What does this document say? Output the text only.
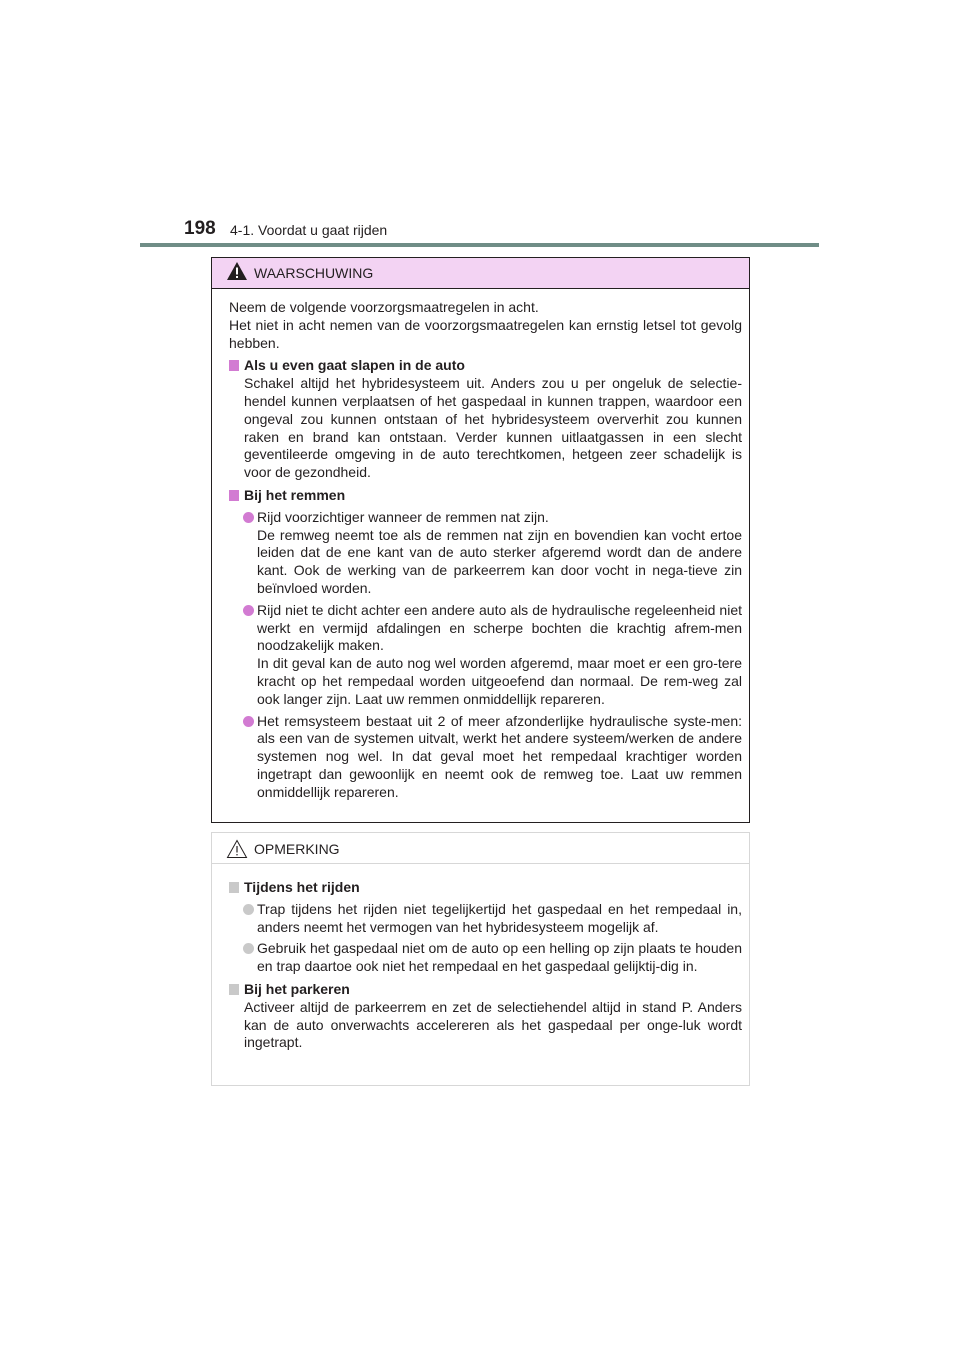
198 4-1. Voordat u gaat rijden
WAARSCHUWING

Neem de volgende voorzorgsmaatregelen in acht.

Het niet in acht nemen van de voorzorgsmaatregelen kan ernstig letsel tot gevolg hebben.

Als u even gaat slapen in de auto

Schakel altijd het hybridesysteem uit. Anders zou u per ongeluk de selectie-hendel kunnen verplaatsen of het gaspedaal in kunnen trappen, waardoor een ongeval zou kunnen ontstaan of het hybridesysteem oververhit zou kunnen raken en brand kan ontstaan. Verder kunnen uitlaatgassen in een slecht geventileerde omgeving in de auto terechtkomen, hetgeen zeer schadelijk is voor de gezondheid.

Bij het remmen

Rijd voorzichtiger wanneer de remmen nat zijn.

De remweg neemt toe als de remmen nat zijn en bovendien kan vocht ertoe leiden dat de ene kant van de auto sterker afgeremd wordt dan de andere kant. Ook de werking van de parkeerrem kan door vocht in nega-tieve zin beïnvloed worden.

Rijd niet te dicht achter een andere auto als de hydraulische regeleenheid niet werkt en vermijd afdalingen en scherpe bochten die krachtig afrem-men noodzakelijk maken.

In dit geval kan de auto nog wel worden afgeremd, maar moet er een gro-tere kracht op het rempedaal worden uitgeoefend dan normaal. De rem-weg zal ook langer zijn. Laat uw remmen onmiddellijk repareren.

Het remsysteem bestaat uit 2 of meer afzonderlijke hydraulische syste-men: als een van de systemen uitvalt, werkt het andere systeem/werken de andere systemen nog wel. In dat geval moet het rempedaal krachtiger worden ingetrapt dan gewoonlijk en neemt ook de remweg toe. Laat uw remmen onmiddellijk repareren.

OPMERKING

Tijdens het rijden

Trap tijdens het rijden niet tegelijkertijd het gaspedaal en het rempedaal in, anders neemt het vermogen van het hybridesysteem mogelijk af.

Gebruik het gaspedaal niet om de auto op een helling op zijn plaats te houden en trap daartoe ook niet het rempedaal en het gaspedaal gelijktij-dig in.

Bij het parkeren

Activeer altijd de parkeerrem en zet de selectiehendel altijd in stand P. Anders kan de auto onverwachts accelereren als het gaspedaal per onge-luk wordt ingetrapt.
